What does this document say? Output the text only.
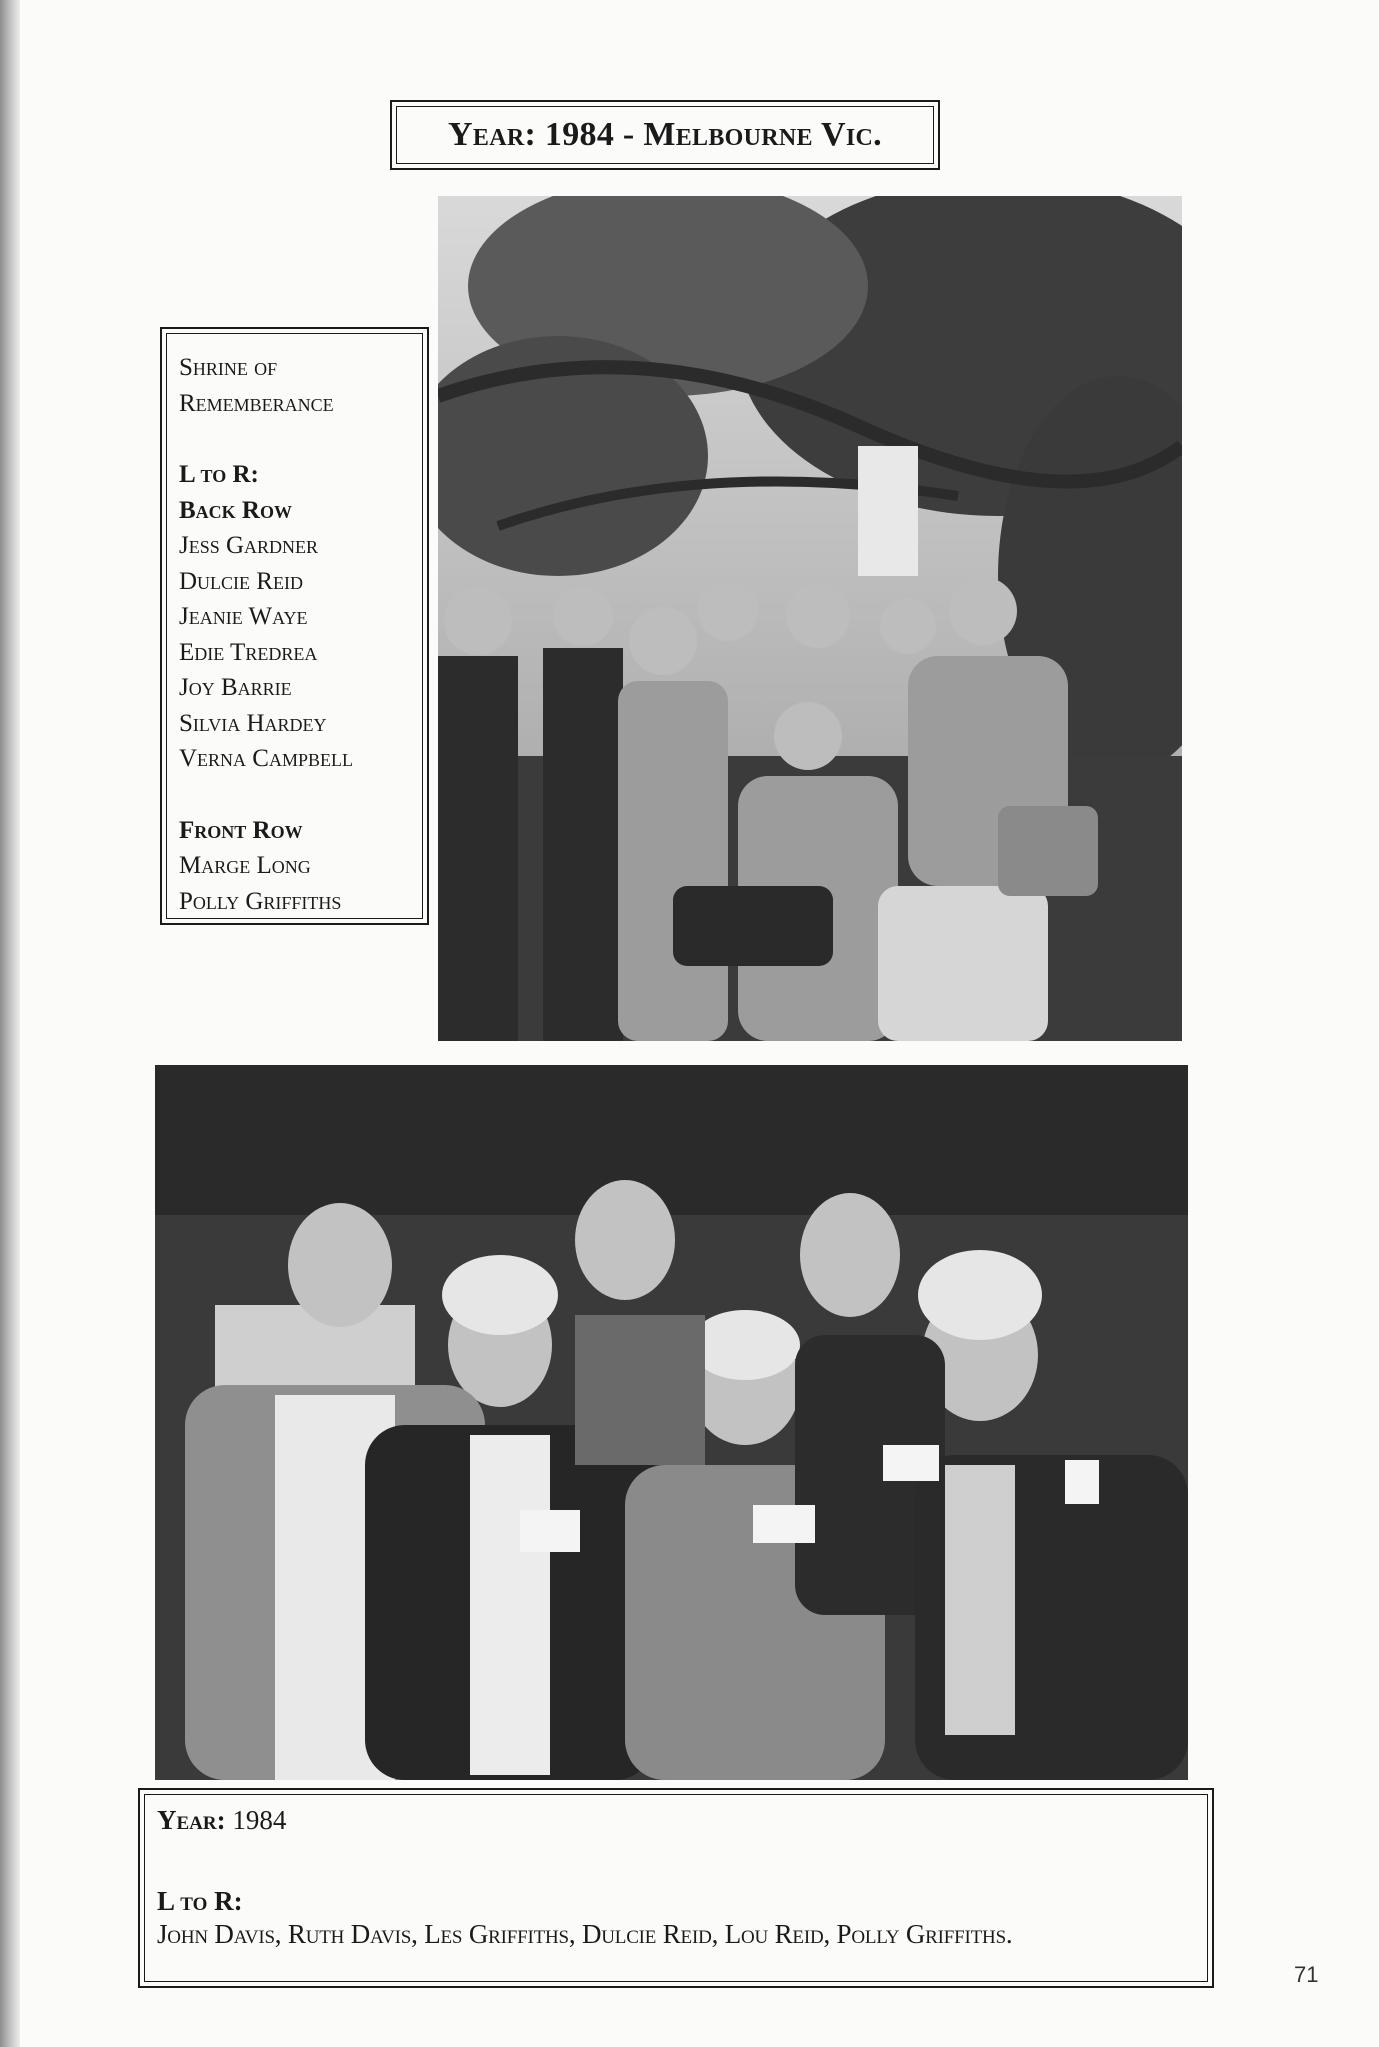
Year:
1984 - Melbourne Vic.
Shrine of
Rememberance
L to R:
Back Row
Jess Gardner
Dulcie Reid
Jeanie Waye
Edie Tredrea
Joy Barrie
Silvia Hardey
Verna Campbell
Front Row
Marge Long
Polly Griffiths
Year: 1984
L to R:
John Davis, Ruth Davis, Les Griffiths, Dulcie Reid, Lou Reid, Polly Griffiths.
71
